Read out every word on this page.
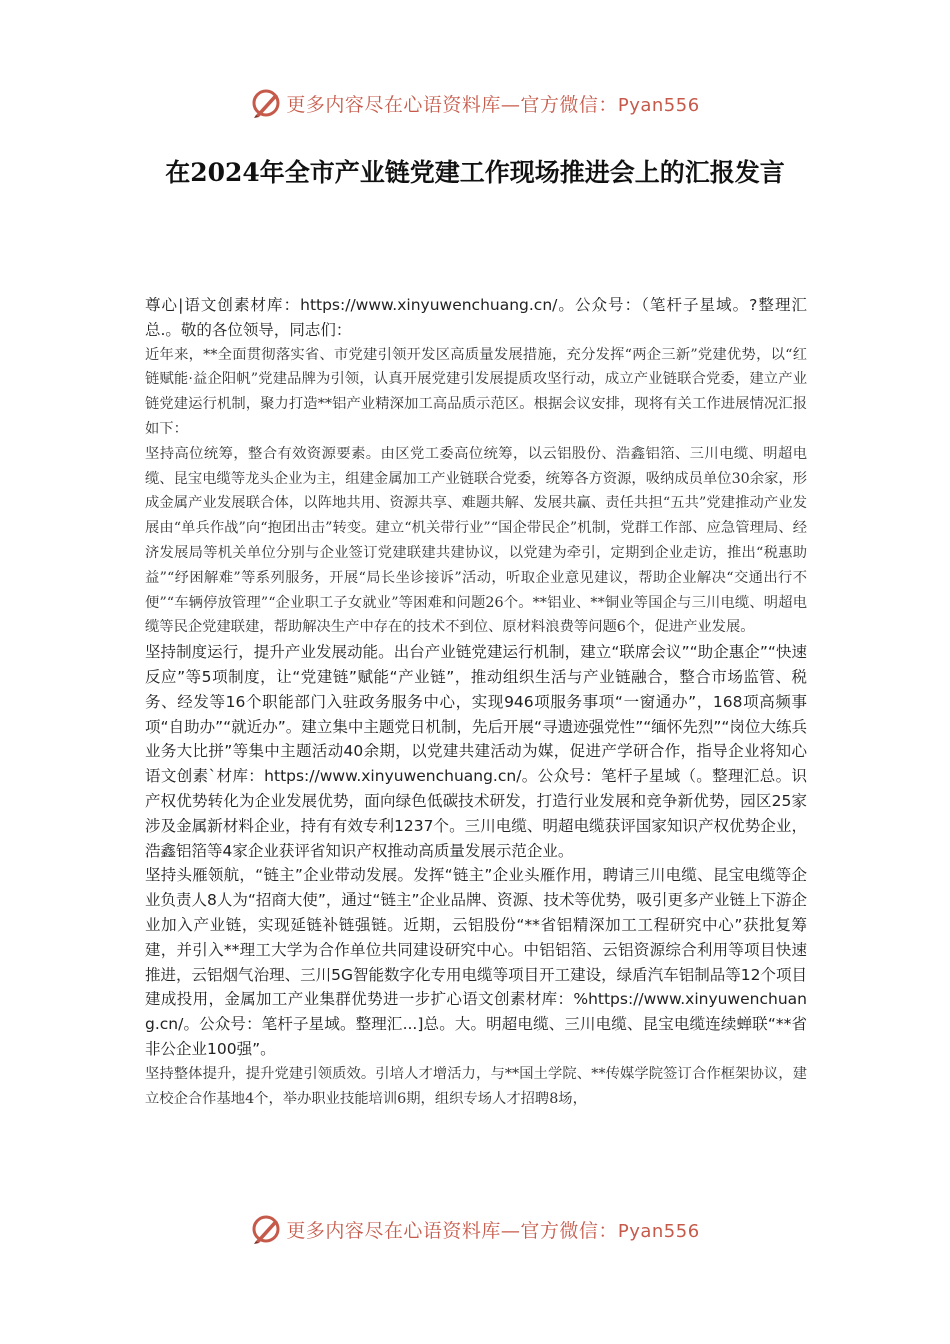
更多内容尽在心语资料库—官方微信：Pyan556
在2024年全市产业链党建工作现场推进会上的汇报发言

尊心|语文创素材库：https://www.xinyuwenchuang.cn/。公众号：（笔杆子星域。?整理汇总.。敬的各位领导，同志们：

近年来，**全面贯彻落实省、市党建引领开发区高质量发展措施，充分发挥“两企三新”党建优势，以“红链赋能·益企阳帆”党建品牌为引领，认真开展党建引发展提质攻坚行动，成立产业链联合党委，建立产业链党建运行机制，聚力打造**铝产业精深加工高品质示范区。根据会议安排，现将有关工作进展情况汇报如下：

坚持高位统筹，整合有效资源要素。由区党工委高位统筹，以云铝股份、浩鑫铝箔、三川电缆、明超电缆、昆宝电缆等龙头企业为主，组建金属加工产业链联合党委，统筹各方资源，吸纳成员单位30余家，形成金属产业发展联合体，以阵地共用、资源共享、难题共解、发展共赢、责任共担“五共”党建推动产业发展由“单兵作战”向“抱团出击”转变。建立“机关带行业”“国企带民企”机制，党群工作部、应急管理局、经济发展局等机关单位分别与企业签订党建联建共建协议，以党建为牵引，定期到企业走访，推出“税惠助益”“纾困解难”等系列服务，开展“局长坐诊接诉”活动，听取企业意见建议，帮助企业解决“交通出行不便”“车辆停放管理”“企业职工子女就业”等困难和问题26个。**铝业、**铜业等国企与三川电缆、明超电缆等民企党建联建，帮助解决生产中存在的技术不到位、原材料浪费等问题6个，促进产业发展。

坚持制度运行，提升产业发展动能。出台产业链党建运行机制，建立“联席会议”“助企惠企”“快速反应”等5项制度，让“党建链”赋能“产业链”，推动组织生活与产业链融合，整合市场监管、税务、经发等16个职能部门入驻政务服务中心，实现946项服务事项“一窗通办”，168项高频事项“自助办”“就近办”。建立集中主题党日机制，先后开展“寻遗迹强党性”“缅怀先烈”“岗位大练兵 业务大比拼”等集中主题活动40余期，以党建共建活动为媒，促进产学研合作，指导企业将知心语文创素`材库：https://www.xinyuwenchuang.cn/。公众号：笔杆子星域（。整理汇总。识产权优势转化为企业发展优势，面向绿色低碳技术研发，打造行业发展和竞争新优势，园区25家涉及金属新材料企业，持有有效专利1237个。三川电缆、明超电缆获评国家知识产权优势企业，浩鑫铝箔等4家企业获评省知识产权推动高质量发展示范企业。

坚持头雁领航，“链主”企业带动发展。发挥“链主”企业头雁作用，聘请三川电缆、昆宝电缆等企业负责人8人为“招商大使”，通过“链主”企业品牌、资源、技术等优势，吸引更多产业链上下游企业加入产业链，实现延链补链强链。近期，云铝股份“**省铝精深加工工程研究中心”获批复筹建，并引入**理工大学为合作单位共同建设研究中心。中铝铝箔、云铝资源综合利用等项目快速推进，云铝烟气治理、三川5G智能数字化专用电缆等项目开工建设，绿盾汽车铝制品等12个项目建成投用，金属加工产业集群优势进一步扩心语文创素材库：%https://www.xinyuwenchuang.cn/。公众号：笔杆子星域。整理汇...]总。大。明超电缆、三川电缆、昆宝电缆连续蝉联“**省非公企业100强”。

坚持整体提升，提升党建引领质效。引培人才增活力，与**国土学院、**传媒学院签订合作框架协议，建立校企合作基地4个，举办职业技能培训6期，组织专场人才招聘8场，

更多内容尽在心语资料库—官方微信：Pyan556
